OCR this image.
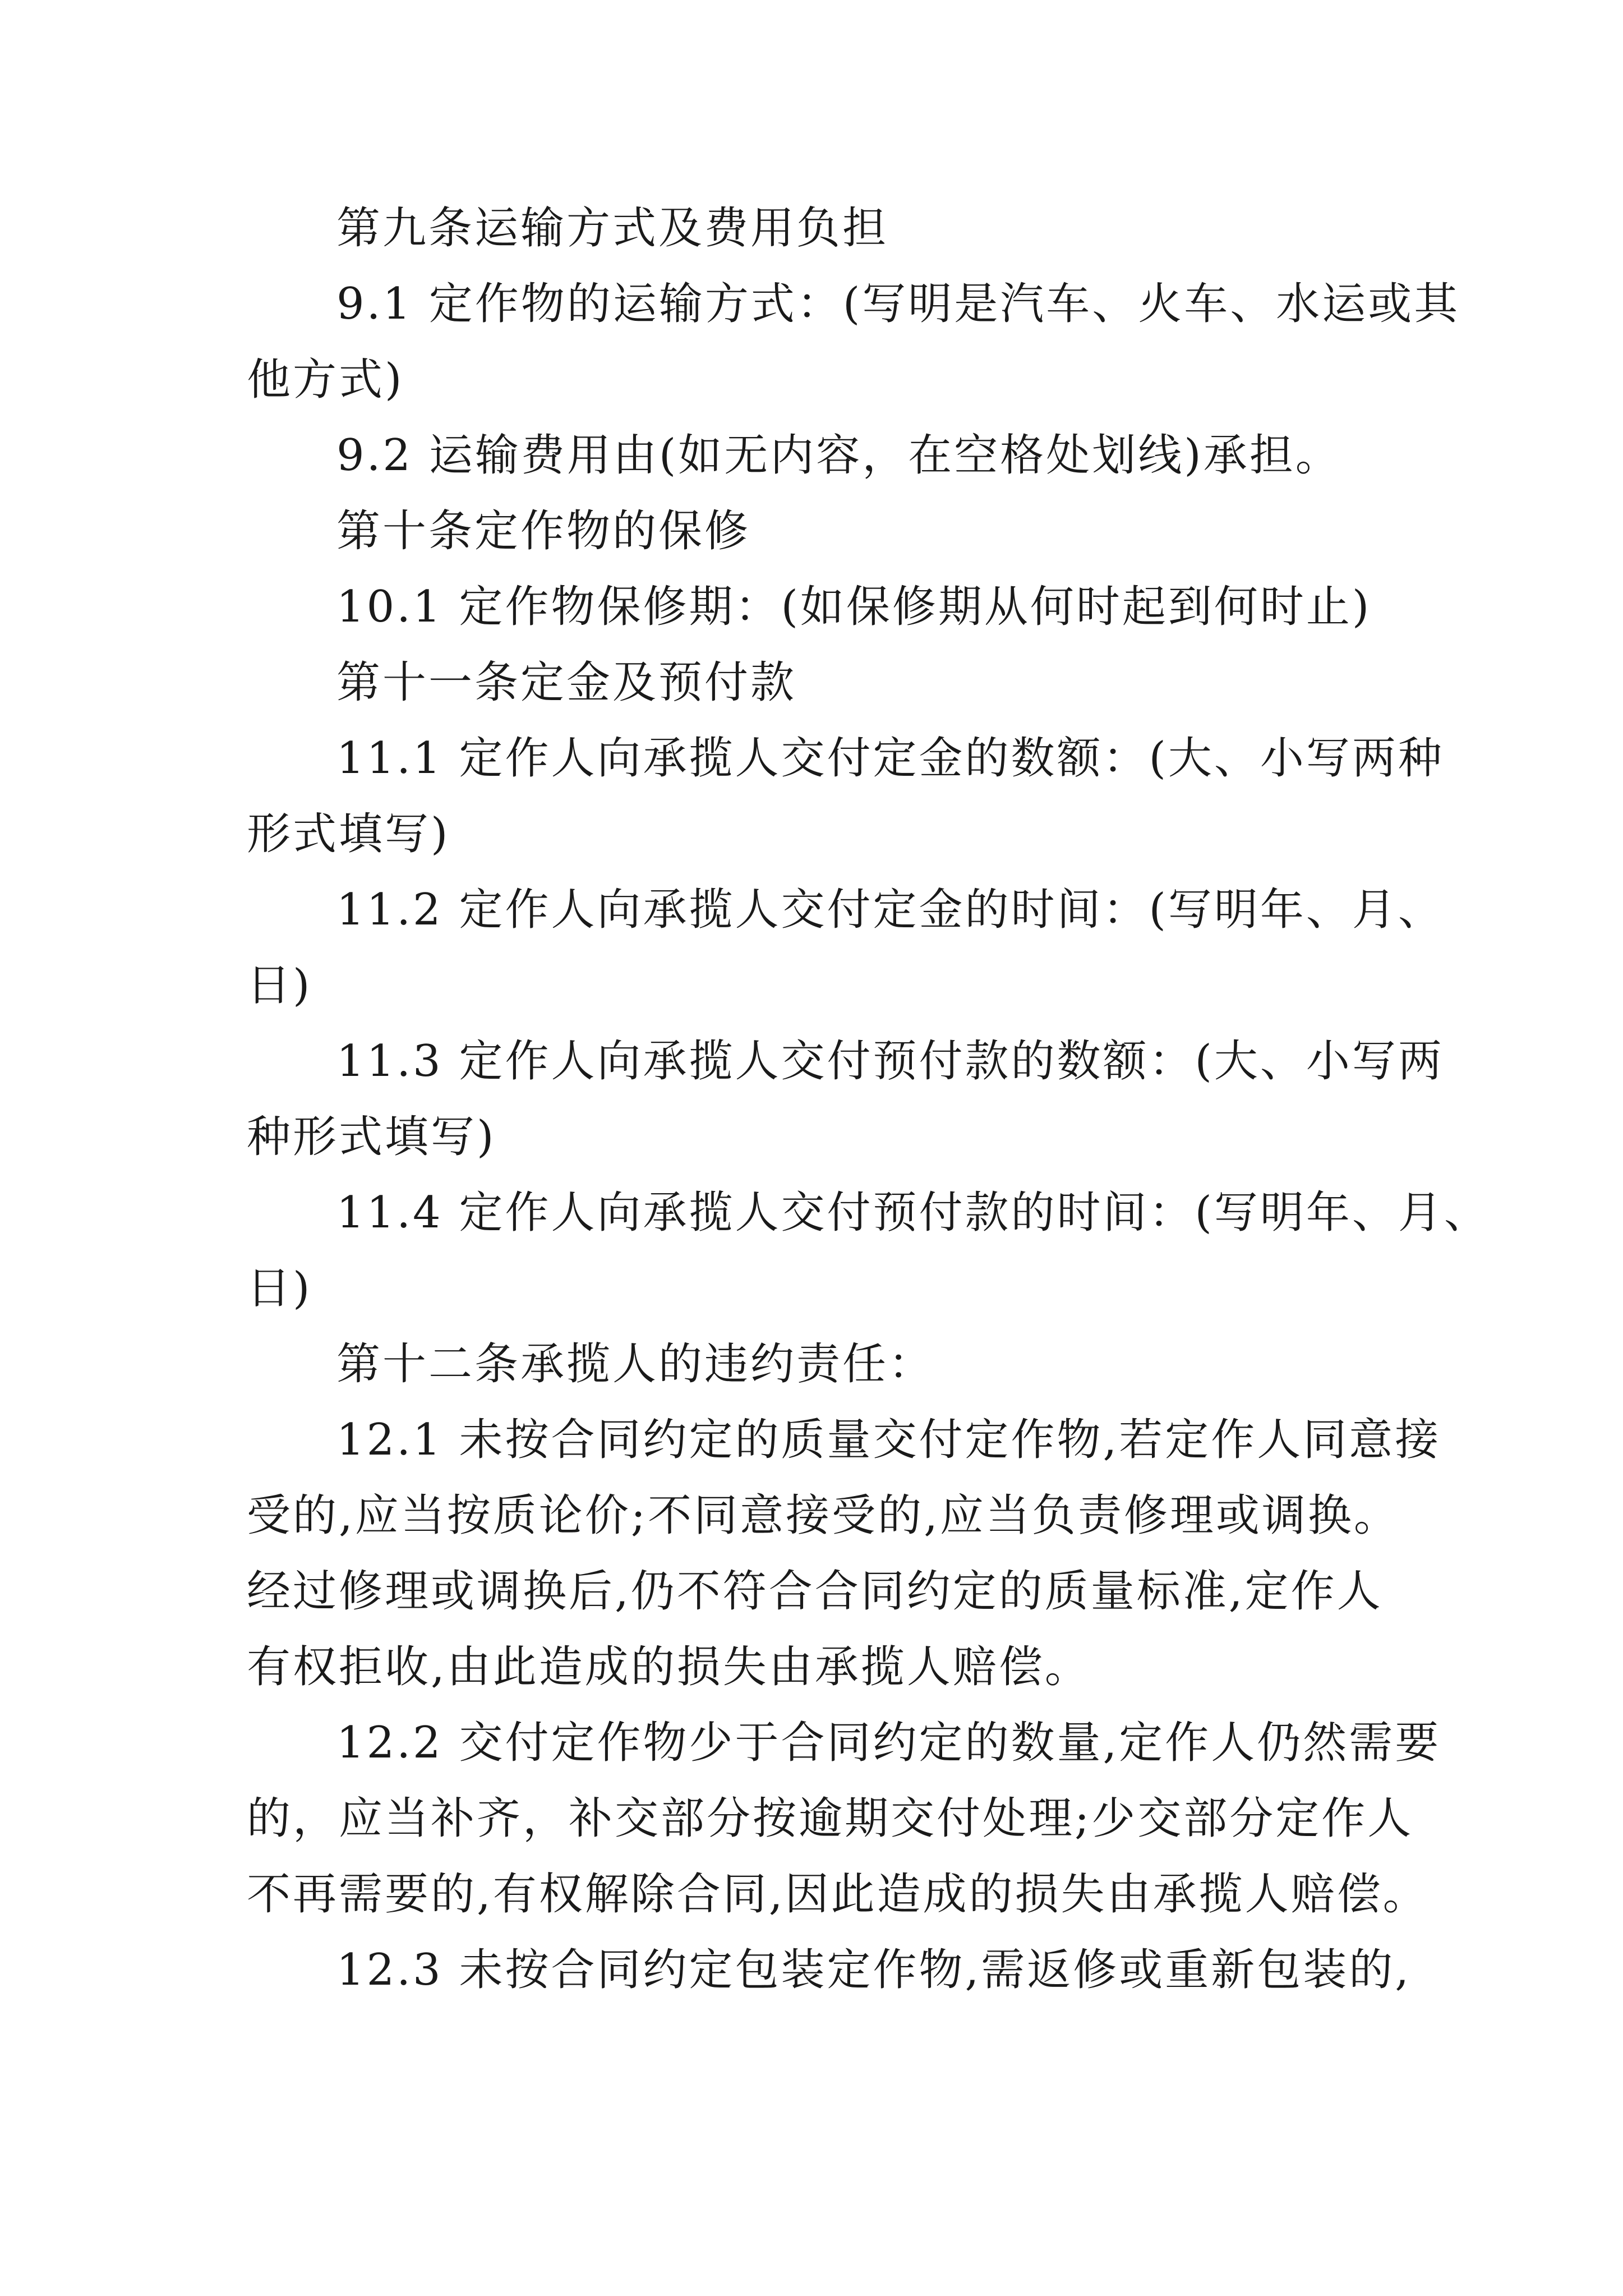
第九条运输方式及费用负担
9.1 定作物的运输方式：(写明是汽车、火车、水运或其
他方式)
9.2 运输费用由(如无内容，在空格处划线)承担。
第十条定作物的保修
10.1 定作物保修期：(如保修期从何时起到何时止)
第十一条定金及预付款
11.1 定作人向承揽人交付定金的数额：(大、小写两种
形式填写)
11.2 定作人向承揽人交付定金的时间：(写明年、月、
日)
11.3 定作人向承揽人交付预付款的数额：(大、小写两
种形式填写)
11.4 定作人向承揽人交付预付款的时间：(写明年、月、
日)
第十二条承揽人的违约责任：
12.1 未按合同约定的质量交付定作物,若定作人同意接
受的,应当按质论价;不同意接受的,应当负责修理或调换。
经过修理或调换后,仍不符合合同约定的质量标准,定作人
有权拒收,由此造成的损失由承揽人赔偿。
12.2 交付定作物少于合同约定的数量,定作人仍然需要
的，应当补齐，补交部分按逾期交付处理;少交部分定作人
不再需要的,有权解除合同,因此造成的损失由承揽人赔偿。
12.3 未按合同约定包装定作物,需返修或重新包装的,
